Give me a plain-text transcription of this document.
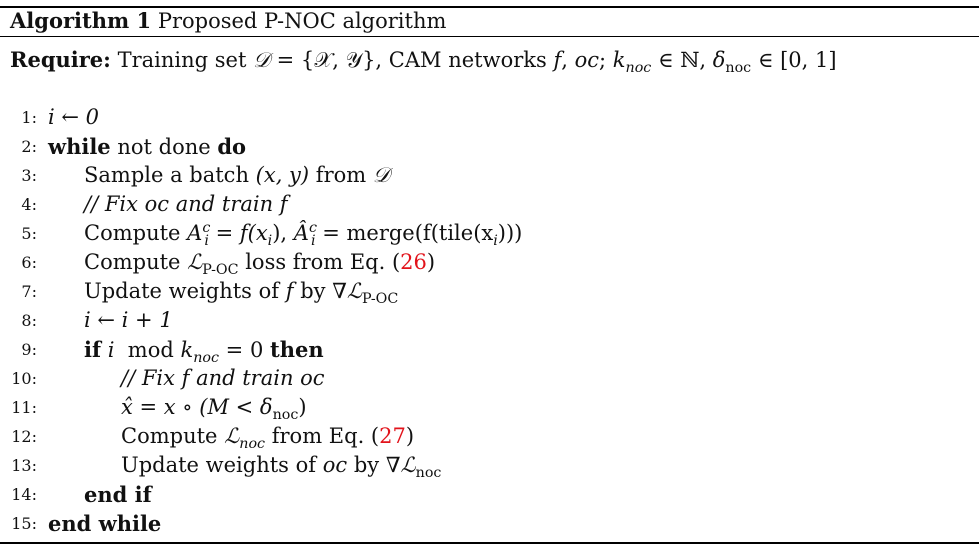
Algorithm 1 Proposed P-NOC algorithm
Require: Training set 𝒟 = {𝒳, 𝒴}, CAM networks f, oc; $k_{noc}$ ∈ ℕ, $\delta_{noc}$ ∈ [0, 1]
1: i ← 0
2: while not done do
3: Sample a batch (x, y) from 𝒟
4: // Fix oc and train f
5: Compute $A^c_i = f(x_i)$, $Â^c_i$ = $merge(f(tile(x_i)))$
6: Compute ℒ$_{P-OC}$ loss from Eq. (26)
7: Update weights of f by ∇ℒ$_{P-OC}$
8: i ← i + 1
9: if i mod $k_{noc} = 0$ then
10:	// Fix f and train oc
11:	x̂ = x ∘ $(M < \delta_{noc})$
12:	Compute ℒ$_{noc}$ from Eq. (27)
13:	Update weights of oc by ∇ℒ$_{noc}$
14: end if
15: end while
